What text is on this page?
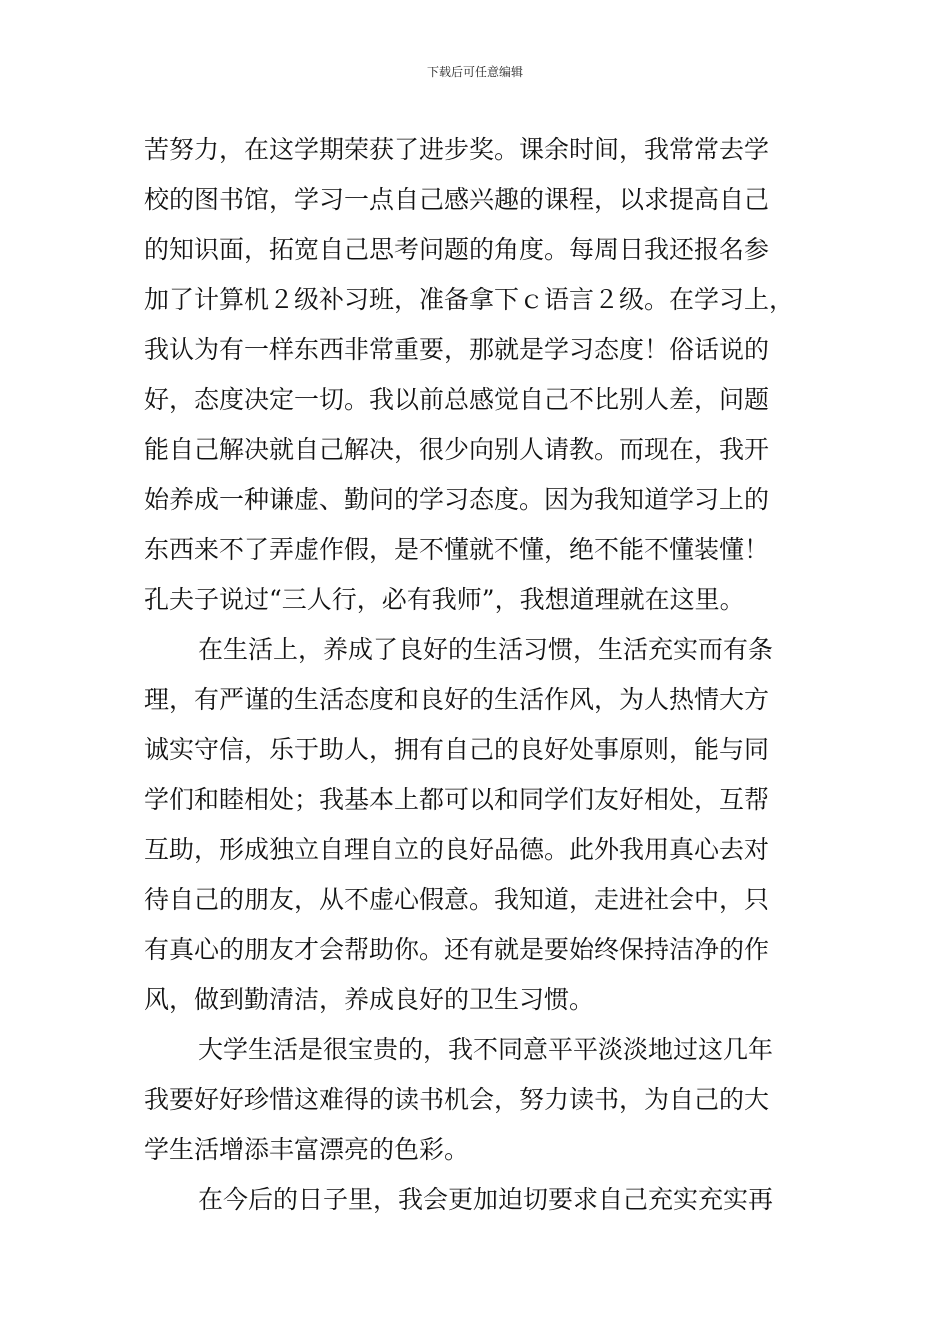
下载后可任意编辑
苦努力，在这学期荣获了进步奖。课余时间，我常常去学
校的图书馆，学习一点自己感兴趣的课程，以求提高自己
的知识面，拓宽自己思考问题的角度。每周日我还报名参
加了计算机２级补习班，准备拿下ｃ语言２级。在学习上，
我认为有一样东西非常重要，那就是学习态度！俗话说的
好，态度决定一切。我以前总感觉自己不比别人差，问题
能自己解决就自己解决，很少向别人请教。而现在，我开
始养成一种谦虚、勤问的学习态度。因为我知道学习上的
东西来不了弄虚作假，是不懂就不懂，绝不能不懂装懂！
孔夫子说过“三人行，必有我师”，我想道理就在这里。
在生活上，养成了良好的生活习惯，生活充实而有条
理，有严谨的生活态度和良好的生活作风，为人热情大方
诚实守信，乐于助人，拥有自己的良好处事原则，能与同
学们和睦相处；我基本上都可以和同学们友好相处，互帮
互助，形成独立自理自立的良好品德。此外我用真心去对
待自己的朋友，从不虚心假意。我知道，走进社会中，只
有真心的朋友才会帮助你。还有就是要始终保持洁净的作
风，做到勤清洁，养成良好的卫生习惯。
大学生活是很宝贵的，我不同意平平淡淡地过这几年
我要好好珍惜这难得的读书机会，努力读书，为自己的大
学生活增添丰富漂亮的色彩。
在今后的日子里，我会更加迫切要求自己充实充实再
